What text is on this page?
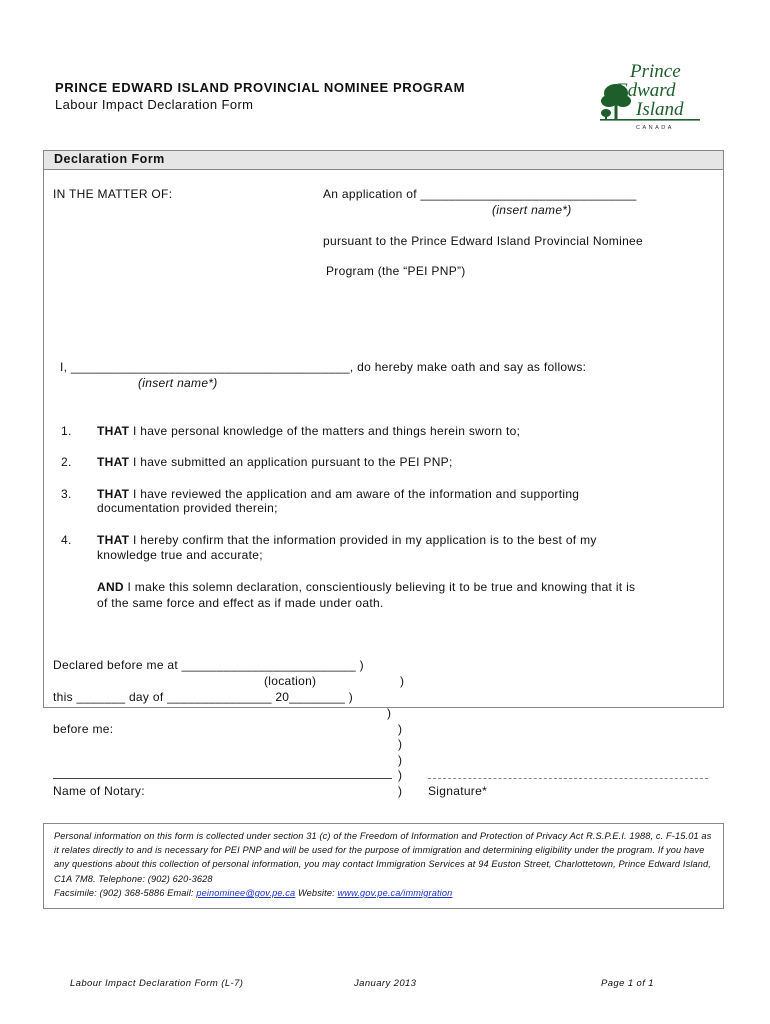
PRINCE EDWARD ISLAND PROVINCIAL NOMINEE PROGRAM
Labour Impact Declaration Form
Prince
Edward
Island
CANADA
Declaration Form
IN THE MATTER OF:	An application of _______________________________
(insert name*)
pursuant to the Prince Edward Island Provincial Nominee
Program (the “PEI PNP”)
I, ________________________________________, do hereby make oath and say as follows:
(insert name*)
1. THAT I have personal knowledge of the matters and things herein sworn to;
2. THAT I have submitted an application pursuant to the PEI PNP;
3. THAT I have reviewed the application and am aware of the information and supporting
documentation provided therein;
4. THAT I hereby confirm that the information provided in my application is to the best of my
knowledge true and accurate;
AND I make this solemn declaration, conscientiously believing it to be true and knowing that it is
of the same force and effect as if made under oath.
Declared before me at _________________________ )
(location)	)
this _______ day of _______________ 20________ )
)
before me:	)
)
)
)
)
Name of Notary:	Signature*

Personal information on this form is collected under section 31 (c) of the Freedom of Information and Protection of Privacy Act R.S.P.E.I. 1988, c. F-15.01 as it relates directly to and is necessary for PEI PNP and will be used for the purpose of immigration and determining eligibility under the program. If you have any questions about this collection of personal information, you may contact Immigration Services at 94 Euston Street, Charlottetown, Prince Edward Island, C1A 7M8. Telephone: (902) 620-3628
Facsimile: (902) 368-5886 Email: peinominee@gov.pe.ca Website: www.gov.pe.ca/immigration

Labour Impact Declaration Form (L-7)	January 2013	Page 1 of 1
